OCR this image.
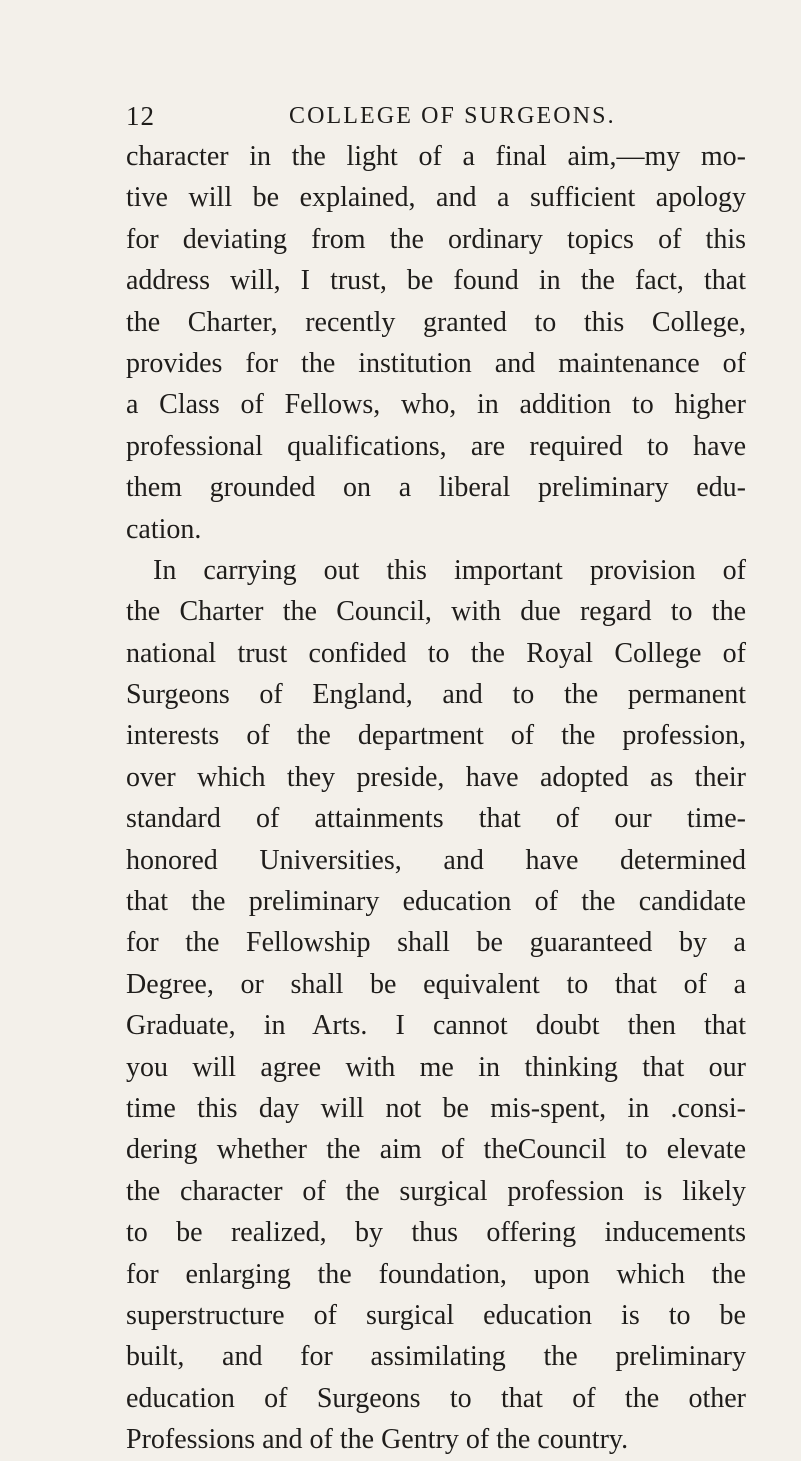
12	COLLEGE OF SURGEONS.
character in the light of a final aim,—my mo-
tive will be explained, and a sufficient apology
for deviating from the ordinary topics of this
address will, I trust, be found in the fact, that
the Charter, recently granted to this College,
provides for the institution and maintenance of
a Class of Fellows, who, in addition to higher
professional qualifications, are required to have
them grounded on a liberal preliminary edu-
cation.
In carrying out this important provision of
the Charter the Council, with due regard to the
national trust confided to the Royal College of
Surgeons of England, and to the permanent
interests of the department of the profession,
over which they preside, have adopted as their
standard of attainments that of our time-
honored Universities, and have determined
that the preliminary education of the candidate
for the Fellowship shall be guaranteed by a
Degree, or shall be equivalent to that of a
Graduate, in Arts. I cannot doubt then that
you will agree with me in thinking that our
time this day will not be mis-spent, in .consi-
dering whether the aim of theCouncil to elevate
the character of the surgical profession is likely
to be realized, by thus offering inducements
for enlarging the foundation, upon which the
superstructure of surgical education is to be
built, and for assimilating the preliminary
education of Surgeons to that of the other
Professions and of the Gentry of the country.
